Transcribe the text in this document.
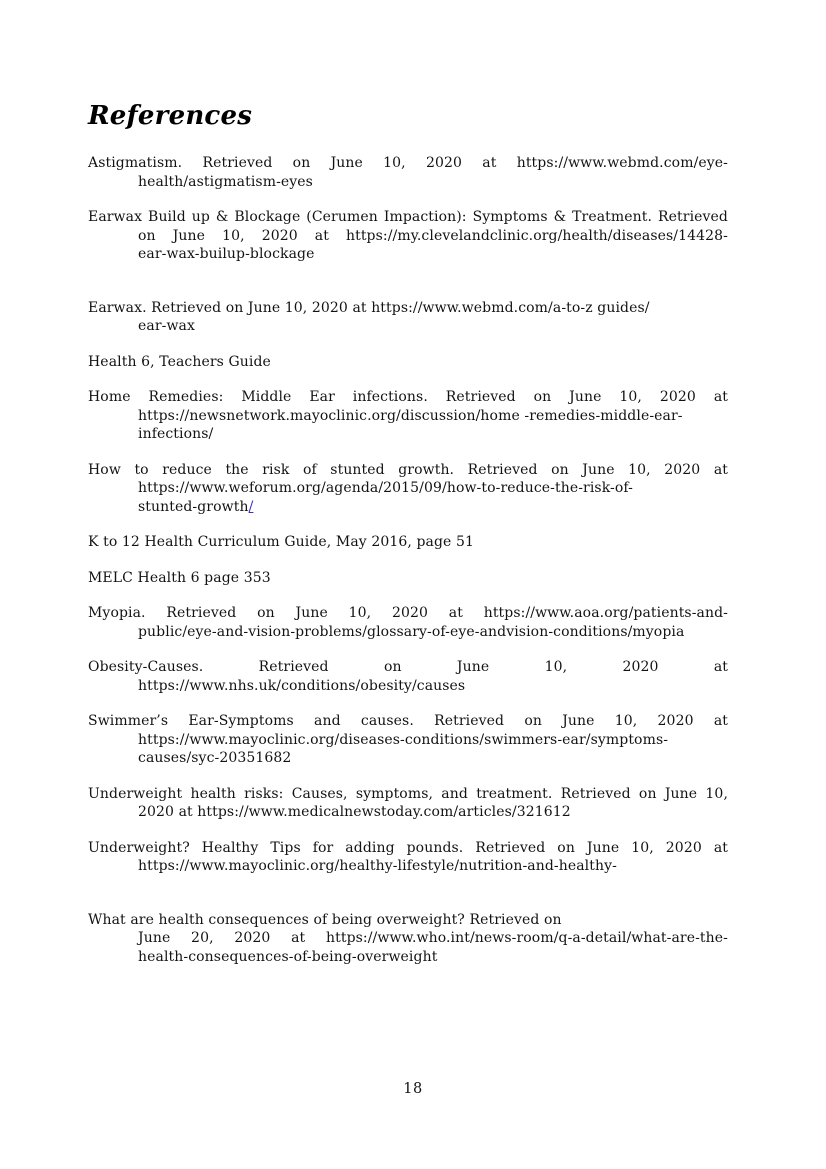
References
Astigmatism. Retrieved on June 10, 2020 at https://www.webmd.com/eye-
health/astigmatism-eyes
Earwax Build up & Blockage (Cerumen Impaction): Symptoms & Treatment. Retrieved
on June 10, 2020 at https://my.clevelandclinic.org/health/diseases/14428-
ear-wax-builup-blockage
Earwax. Retrieved on June 10, 2020 at https://www.webmd.com/a-to-z guides/
ear-wax
Health 6, Teachers Guide
Home Remedies: Middle Ear infections. Retrieved on June 10, 2020 at
https://newsnetwork.mayoclinic.org/discussion/home -remedies-middle-ear-
infections/
How to reduce the risk of stunted growth. Retrieved on June 10, 2020 at
https://www.weforum.org/agenda/2015/09/how-to-reduce-the-risk-of-
stunted-growth/
K to 12 Health Curriculum Guide, May 2016, page 51
MELC Health 6 page 353
Myopia. Retrieved on June 10, 2020 at https://www.aoa.org/patients-and-
public/eye-and-vision-problems/glossary-of-eye-andvision-conditions/myopia
Obesity-Causes. Retrieved on June 10, 2020 at
https://www.nhs.uk/conditions/obesity/causes
Swimmer’s Ear-Symptoms and causes. Retrieved on June 10, 2020 at
https://www.mayoclinic.org/diseases-conditions/swimmers-ear/symptoms-
causes/syc-20351682
Underweight health risks: Causes, symptoms, and treatment. Retrieved on June 10,
2020 at https://www.medicalnewstoday.com/articles/321612
Underweight? Healthy Tips for adding pounds. Retrieved on June 10, 2020 at
https://www.mayoclinic.org/healthy-lifestyle/nutrition-and-healthy-
What are health consequences of being overweight? Retrieved on
June 20, 2020 at https://www.who.int/news-room/q-a-detail/what-are-the-
health-consequences-of-being-overweight
18
